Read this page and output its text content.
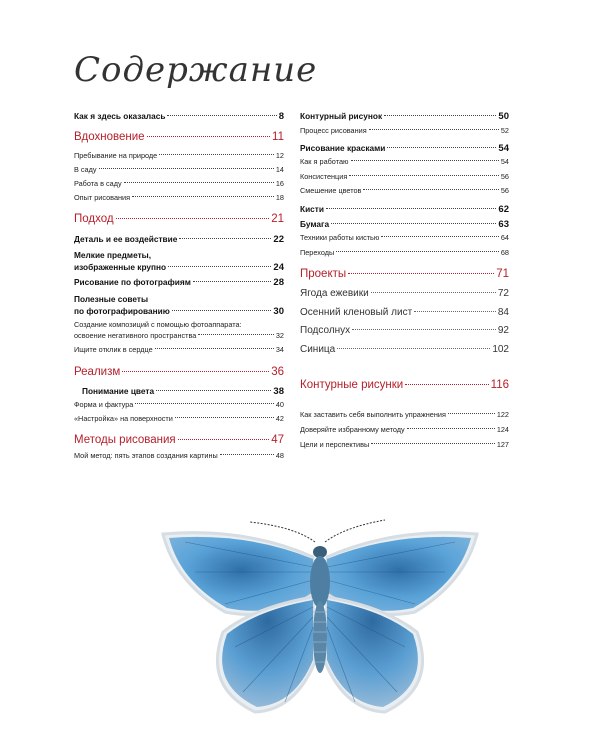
Содержание
Как я здесь оказалась	8
Вдохновение	11
Пребывание на природе	12
В саду	14
Работа в саду	16
Опыт рисования	18
Подход	21
Деталь и ее воздействие	22
Мелкие предметы,
изображенные крупно	24
Рисование по фотографиям	28
Полезные советы
по фотографированию	30
Создание композиций с помощью фотоаппарата:
освоение негативного пространства	32
Ищите отклик в сердце	34
Реализм	36
Понимание цвета	38
Форма и фактура	40
«Настройка» на поверхности	42
Методы рисования	47
Мой метод: пять этапов создания картины	48
Контурный рисунок	50
Процесс рисования	52
Рисование красками	54
Как я работаю	54
Консистенция	56
Смешение цветов	56
Кисти	62
Бумага	63
Техники работы кистью	64
Переходы	68
Проекты	71
Ягода ежевики	72
Осенний кленовый лист	84
Подсолнух	92
Синица	102
Контурные рисунки	116
Как заставить себя выполнить упражнения	122
Доверяйте избранному методу	124
Цели и перспективы	127
